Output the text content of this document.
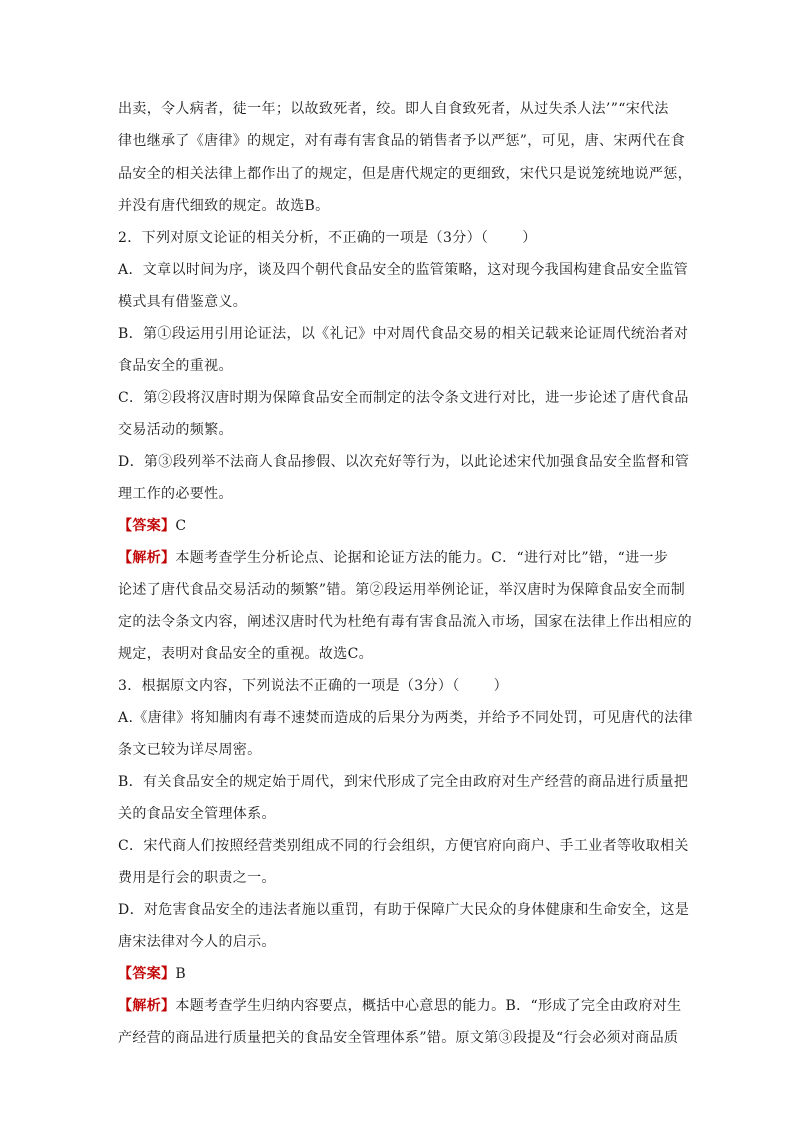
出卖，令人病者，徒一年；以故致死者，绞。即人自食致死者，从过失杀人法’”“宋代法
律也继承了《唐律》的规定，对有毒有害食品的销售者予以严惩”，可见，唐、宋两代在食
品安全的相关法律上都作出了的规定，但是唐代规定的更细致，宋代只是说笼统地说严惩，
并没有唐代细致的规定。故选B。
2．下列对原文论证的相关分析，不正确的一项是（3分）（ ）
A．文章以时间为序，谈及四个朝代食品安全的监管策略，这对现今我国构建食品安全监管
模式具有借鉴意义。
B．第①段运用引用论证法，以《礼记》中对周代食品交易的相关记载来论证周代统治者对
食品安全的重视。
C．第②段将汉唐时期为保障食品安全而制定的法令条文进行对比，进一步论述了唐代食品
交易活动的频繁。
D．第③段列举不法商人食品掺假、以次充好等行为，以此论述宋代加强食品安全监督和管
理工作的必要性。
【答案】C
【解析】本题考查学生分析论点、论据和论证方法的能力。C．“进行对比”错，“进一步
论述了唐代食品交易活动的频繁”错。第②段运用举例论证，举汉唐时为保障食品安全而制
定的法令条文内容，阐述汉唐时代为杜绝有毒有害食品流入市场，国家在法律上作出相应的
规定，表明对食品安全的重视。故选C。
3．根据原文内容，下列说法不正确的一项是（3分）（ ）
A.《唐律》将知脯肉有毒不速焚而造成的后果分为两类，并给予不同处罚，可见唐代的法律
条文已较为详尽周密。
B．有关食品安全的规定始于周代，到宋代形成了完全由政府对生产经营的商品进行质量把
关的食品安全管理体系。
C．宋代商人们按照经营类别组成不同的行会组织，方便官府向商户、手工业者等收取相关
费用是行会的职责之一。
D．对危害食品安全的违法者施以重罚，有助于保障广大民众的身体健康和生命安全，这是
唐宋法律对今人的启示。
【答案】B
【解析】本题考查学生归纳内容要点，概括中心意思的能力。B．“形成了完全由政府对生
产经营的商品进行质量把关的食品安全管理体系”错。原文第③段提及“行会必须对商品质
